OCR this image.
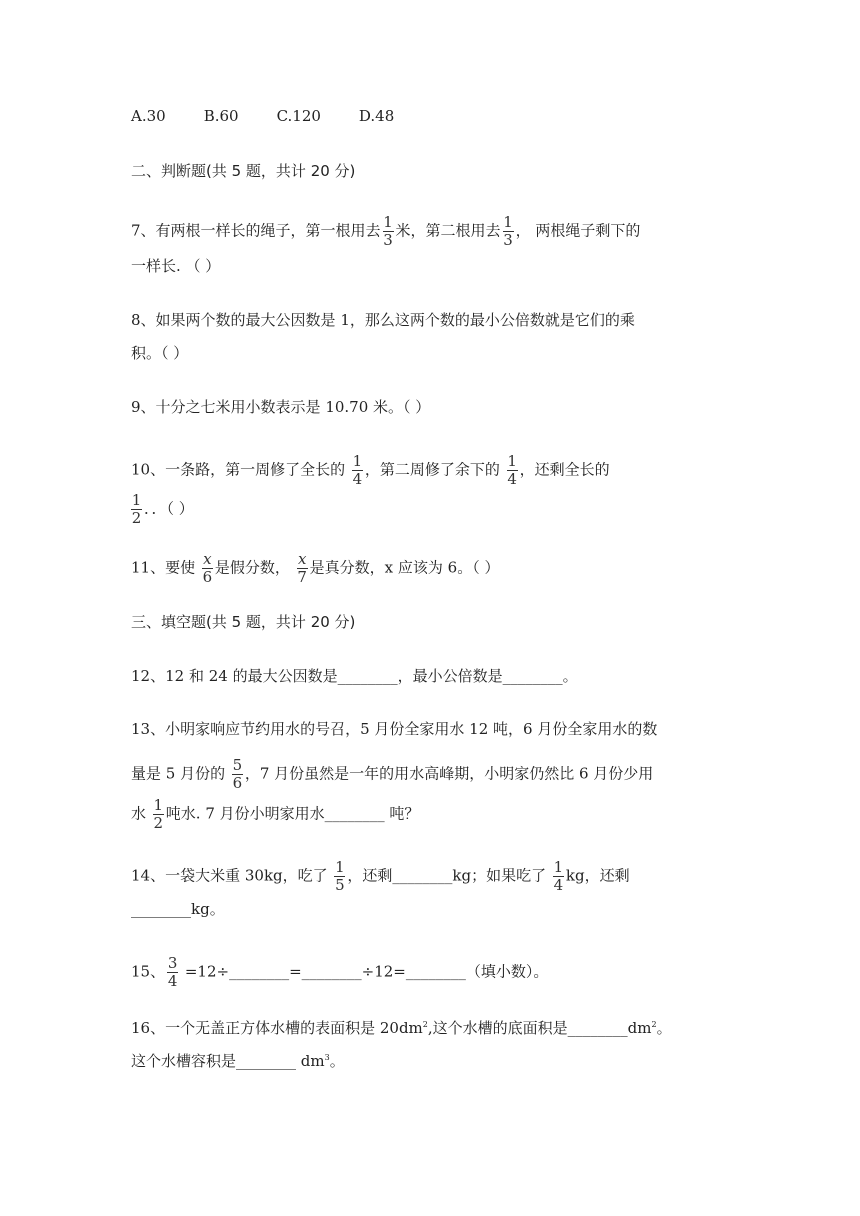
A.30	B.60	C.120	D.48
二、判断题(共 5 题，共计 20 分)
7、有两根一样长的绳子，第一根用去 $\frac{1}{3}$ 米，第二根用去 $\frac{1}{3}$ ， 两根绳子剩下的
一样长. （ ）
8、如果两个数的最大公因数是 1，那么这两个数的最小公倍数就是它们的乘
积。（ ）
9、十分之七米用小数表示是 10.70 米。（ ）
10、一条路，第一周修了全长的 $\frac{1}{4}$ ，第二周修了余下的 $\frac{1}{4}$ ，还剩全长的
$\frac{1}{2}$ ．．（ ）
11、要使 $\frac{x}{6}$ 是假分数， $\frac{x}{7}$ 是真分数，x 应该为 6。（ ）
三、填空题(共 5 题，共计 20 分)
12、12 和 24 的最大公因数是________，最小公倍数是________。
13、小明家响应节约用水的号召，5 月份全家用水 12 吨，6 月份全家用水的数
量是 5 月份的 $\frac{5}{6}$ ，7 月份虽然是一年的用水高峰期，小明家仍然比 6 月份少用
水 $\frac{1}{2}$ 吨水. 7 月份小明家用水________ 吨？
14、一袋大米重 30kg，吃了 $\frac{1}{5}$ ，还剩________kg；如果吃了 $\frac{1}{4}$ kg，还剩
________kg。
15、 $\frac{3}{4}$ =12÷________=________÷12=________（填小数）。
16、一个无盖正方体水槽的表面积是 $20dm^2$,这个水槽的底面积是$\_\_\_\_\_\_\_\_dm^2$。
这个水槽容积是________ $dm^3$。
